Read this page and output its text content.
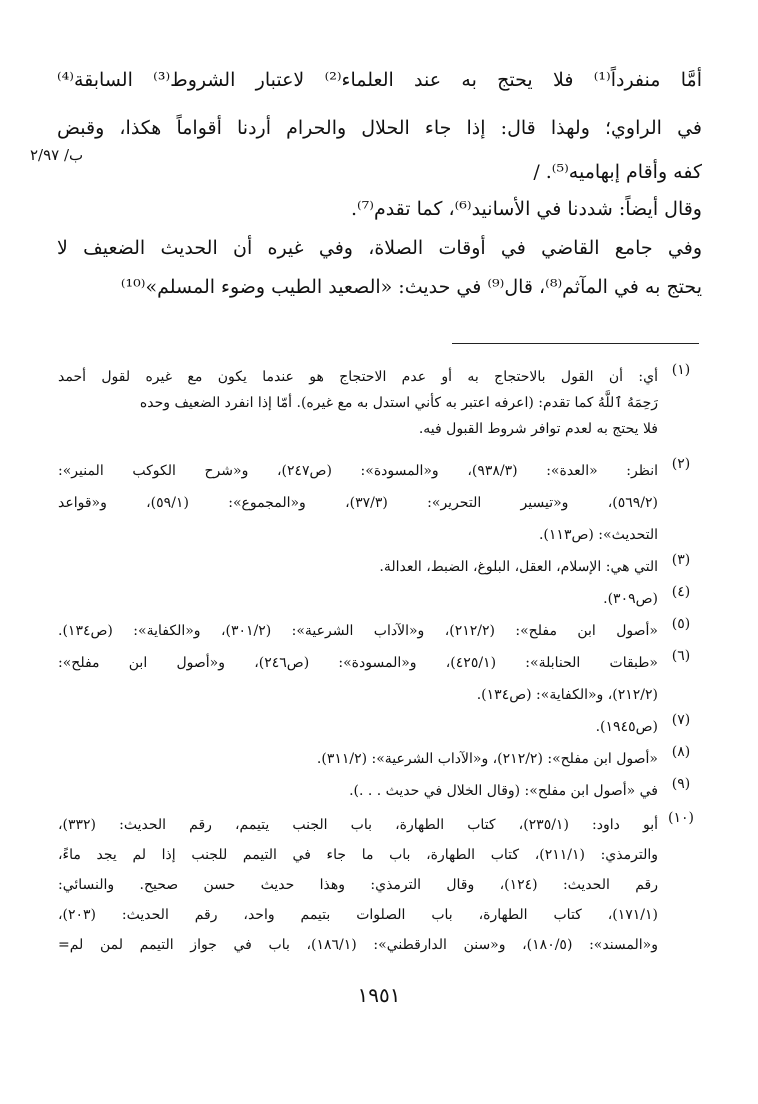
ب/ ٢/٩٧
أمَّا منفرداً⁽¹⁾ فلا يحتج به عند العلماء⁽²⁾ لاعتبار الشروط⁽³⁾ السابقة⁽⁴⁾
في الراوي؛ ولهذا قال: إذا جاء الحلال والحرام أردنا أقواماً هكذا، وقبض
كفه وأقام إبهاميه⁽⁵⁾. /
وقال أيضاً: شددنا في الأسانيد⁽⁶⁾، كما تقدم⁽⁷⁾.
وفي جامع القاضي في أوقات الصلاة، وفي غيره أن الحديث الضعيف لا
يحتج به في المآثم⁽⁸⁾، قال⁽⁹⁾ في حديث: «الصعيد الطيب وضوء المسلم»⁽¹⁰⁾
(١)
أي: أن القول بالاحتجاج به أو عدم الاحتجاج هو عندما يكون مع غيره لقول أحمد
رَحِمَهُ ٱللَّهُ كما تقدم: (اعرفه اعتبر به كأني استدل به مع غيره). أمّا إذا انفرد الضعيف وحده
فلا يحتج به لعدم توافر شروط القبول فيه.
(٢)
انظر: «العدة»: (٩٣٨/٣)، و«المسودة»: (ص٢٤٧)، و«شرح الكوكب المنير»:
(٥٦٩/٢)، و«تيسير التحرير»: (٣٧/٣)، و«المجموع»: (٥٩/١)، و«قواعد
التحديث»: (ص١١٣).
(٣)
التي هي: الإسلام، العقل، البلوغ، الضبط، العدالة.
(٤)
(ص٣٠٩).
(٥)
«أصول ابن مفلح»: (٢١٢/٢)، و«الآداب الشرعية»: (٣٠١/٢)، و«الكفاية»: (ص١٣٤).
(٦)
«طبقات الحنابلة»: (٤٢٥/١)، و«المسودة»: (ص٢٤٦)، و«أصول ابن مفلح»:
(٢١٢/٢)، و«الكفاية»: (ص١٣٤).
(٧)
(ص١٩٤٥).
(٨)
«أصول ابن مفلح»: (٢١٢/٢)، و«الآداب الشرعية»: (٣١١/٢).
(٩)
في «أصول ابن مفلح»: (وقال الخلال في حديث . . .).
(١٠)
أبو داود: (٢٣٥/١)، كتاب الطهارة، باب الجنب يتيمم، رقم الحديث: (٣٣٢)،
والترمذي: (٢١١/١)، كتاب الطهارة، باب ما جاء في التيمم للجنب إذا لم يجد ماءً،
رقم الحديث: (١٢٤)، وقال الترمذي: وهذا حديث حسن صحيح. والنسائي:
(١٧١/١)، كتاب الطهارة، باب الصلوات بتيمم واحد، رقم الحديث: (٢٠٣)،
و«المسند»: (١٨٠/٥)، و«سنن الدارقطني»: (١٨٦/١)، باب في جواز التيمم لمن لم=
١٩٥١
